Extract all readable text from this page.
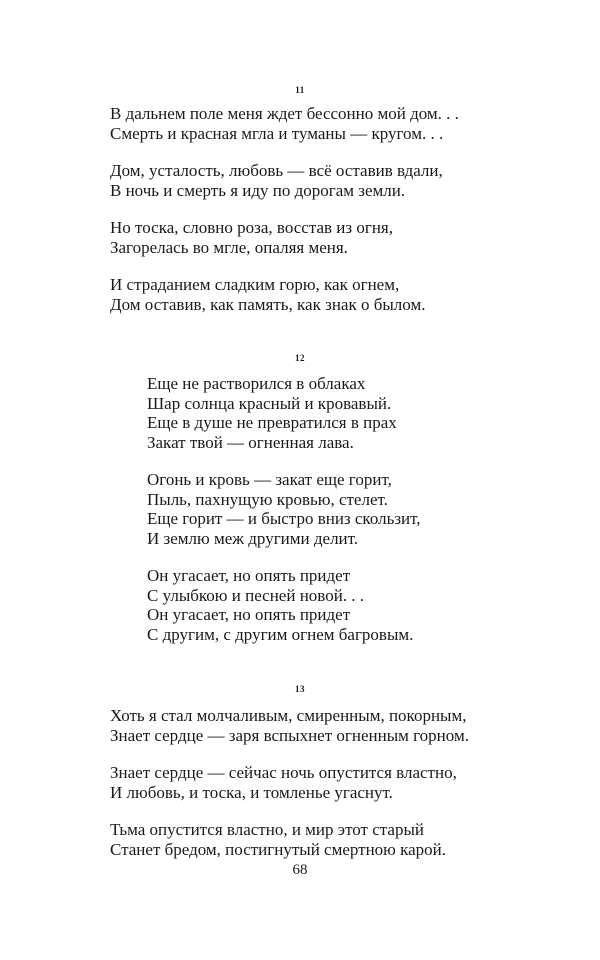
11
В дальнем поле меня ждет бессонно мой дом. . .
Смерть и красная мгла и туманы — кругом. . .
Дом, усталость, любовь — всё оставив вдали,
В ночь и смерть я иду по дорогам земли.
Но тоска, словно роза, восстав из огня,
Загорелась во мгле, опаляя меня.
И страданием сладким горю, как огнем,
Дом оставив, как память, как знак о былом.
12
Еще не растворился в облаках
Шар солнца красный и кровавый.
Еще в душе не превратился в прах
Закат твой — огненная лава.
Огонь и кровь — закат еще горит,
Пыль, пахнущую кровью, стелет.
Еще горит — и быстро вниз скользит,
И землю меж другими делит.
Он угасает, но опять придет
С улыбкою и песней новой. . .
Он угасает, но опять придет
С другим, с другим огнем багровым.
13
Хоть я стал молчаливым, смиренным, покорным,
Знает сердце — заря вспыхнет огненным горном.
Знает сердце — сейчас ночь опустится властно,
И любовь, и тоска, и томленье угаснут.
Тьма опустится властно, и мир этот старый
Станет бредом, постигнутый смертною карой.
68
